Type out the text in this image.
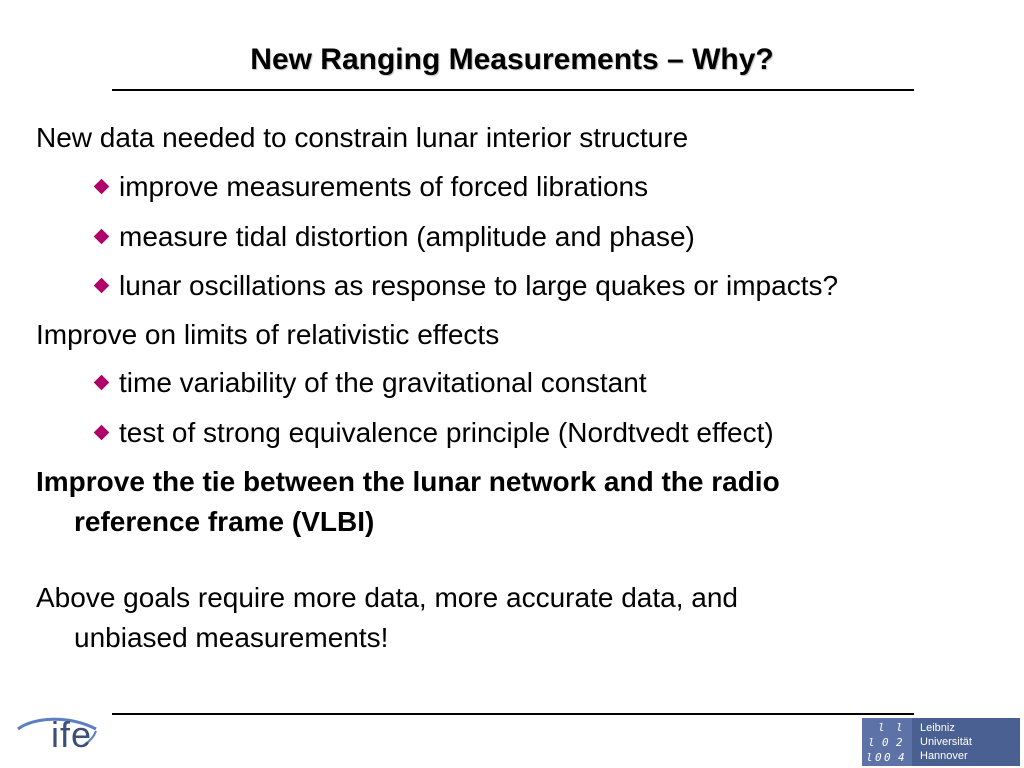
New Ranging Measurements – Why?
New data needed to constrain lunar interior structure
improve measurements of forced librations
measure tidal distortion (amplitude and phase)
lunar oscillations as response to large quakes or impacts?
Improve on limits of relativistic effects
time variability of the gravitational constant
test of strong equivalence principle (Nordtvedt effect)
Improve the tie between the lunar network and the radio
reference frame (VLBI)
Above goals require more data, more accurate data, and
unbiased measurements!
ife	l l
l 0 2
l 0 0 4
Leibniz
Universität
Hannover
